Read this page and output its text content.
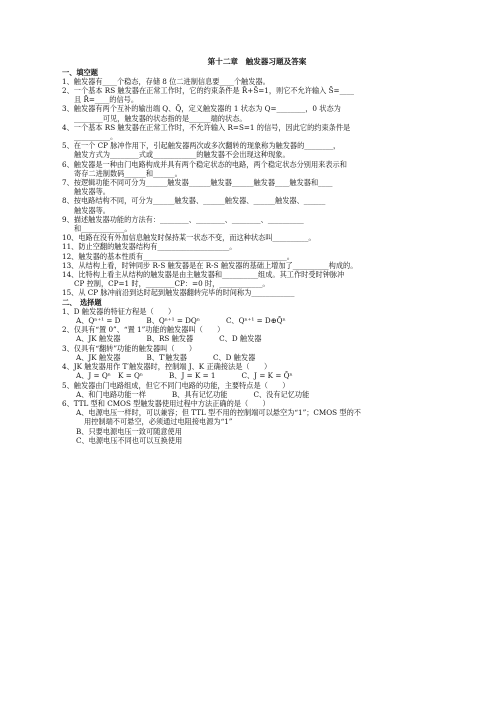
第十二章　触发器习题及答案
一、填空题
1、触发器有____个稳态，存储 8 位二进制信息要____个触发器。
2、一个基本 RS 触发器在正常工作时，它的约束条件是 R̄+S̄=1，则它不允许输入 S̄=____
且 R̄=____的信号。
3、触发器有两个互补的输出端 Q、Q̄，定义触发器的 1 状态为 Q=________，0 状态为
________可见，触发器的状态指的是______端的状态。
4、一个基本 RS 触发器在正常工作时，不允许输入 R=S=1 的信号，因此它的约束条件是
__________。
5、在一个 CP 脉冲作用下，引起触发器两次或多次翻转的现象称为触发器的________，
触发方式为________式或____________的触发器不会出现这种现象。
6、触发器是一种由门电路构成并具有两个稳定状态的电路，两个稳定状态分别用来表示和
寄存二进制数码______和______。
7、按逻辑功能不同可分为______触发器______触发器______触发器____触发器和____
触发器等。
8、按电路结构不同，可分为______触发器、______触发器、______触发器、______
触发器等。
9、描述触发器功能的方法有：________、________、________、__________
和____________。
10、电路在没有外加信息触发时保持某一状态不变，而这种状态叫__________。
11、防止空翻的触发器结构有____________________。
12、触发器的基本性质有________________________________________。
13、从结构上看，时钟同步 R-S 触发器是在 R-S 触发器的基础上增加了__________构成的。
14、比特构上看主从结构的触发器是由主触发器和__________组成。其工作时受时钟脉冲
CP 控制，CP=1 时，________CP：=0 时，____________。
15、从 CP 脉冲前沿到达时起到触发器翻转完毕的时间称为____________
二、　选择题
1、D 触发器的特征方程是（　　）
A、Qⁿ⁺¹ = D	B、Qⁿ⁺¹ = DQⁿ	C、Qⁿ⁺¹ = D⊕Q̄ⁿ
2、仅具有“置 0”、“置 1”功能的触发器叫（　　）
A、JK 触发器	B、RS 触发器	C、D 触发器
3、仅具有“翻转”功能的触发器叫（　　）
A、JK 触发器	B、T′触发器	C、D 触发器
4、JK 触发器用作 T′触发器时，控制端 J、K 正确接法是（　　）
A、J = Qⁿ　K = Qⁿ	B、J = K = 1	C、J = K = Q̄ⁿ
5、触发器由门电路组成，但它不同门电路的功能，主要特点是（　　）
A、和门电路功能一样	B、具有记忆功能	C、没有记忆功能
6、TTL 型和 CMOS 型触发器使用过程中方法正确的是（　　）
A、电源电压一样时，可以兼容；但 TTL 型不用的控制端可以悬空为“1”；CMOS 型的不
用控制端不可悬空，必须通过电阻接电源为“1”
B、只要电源电压一致可随意使用
C、电源电压不同也可以互换使用
